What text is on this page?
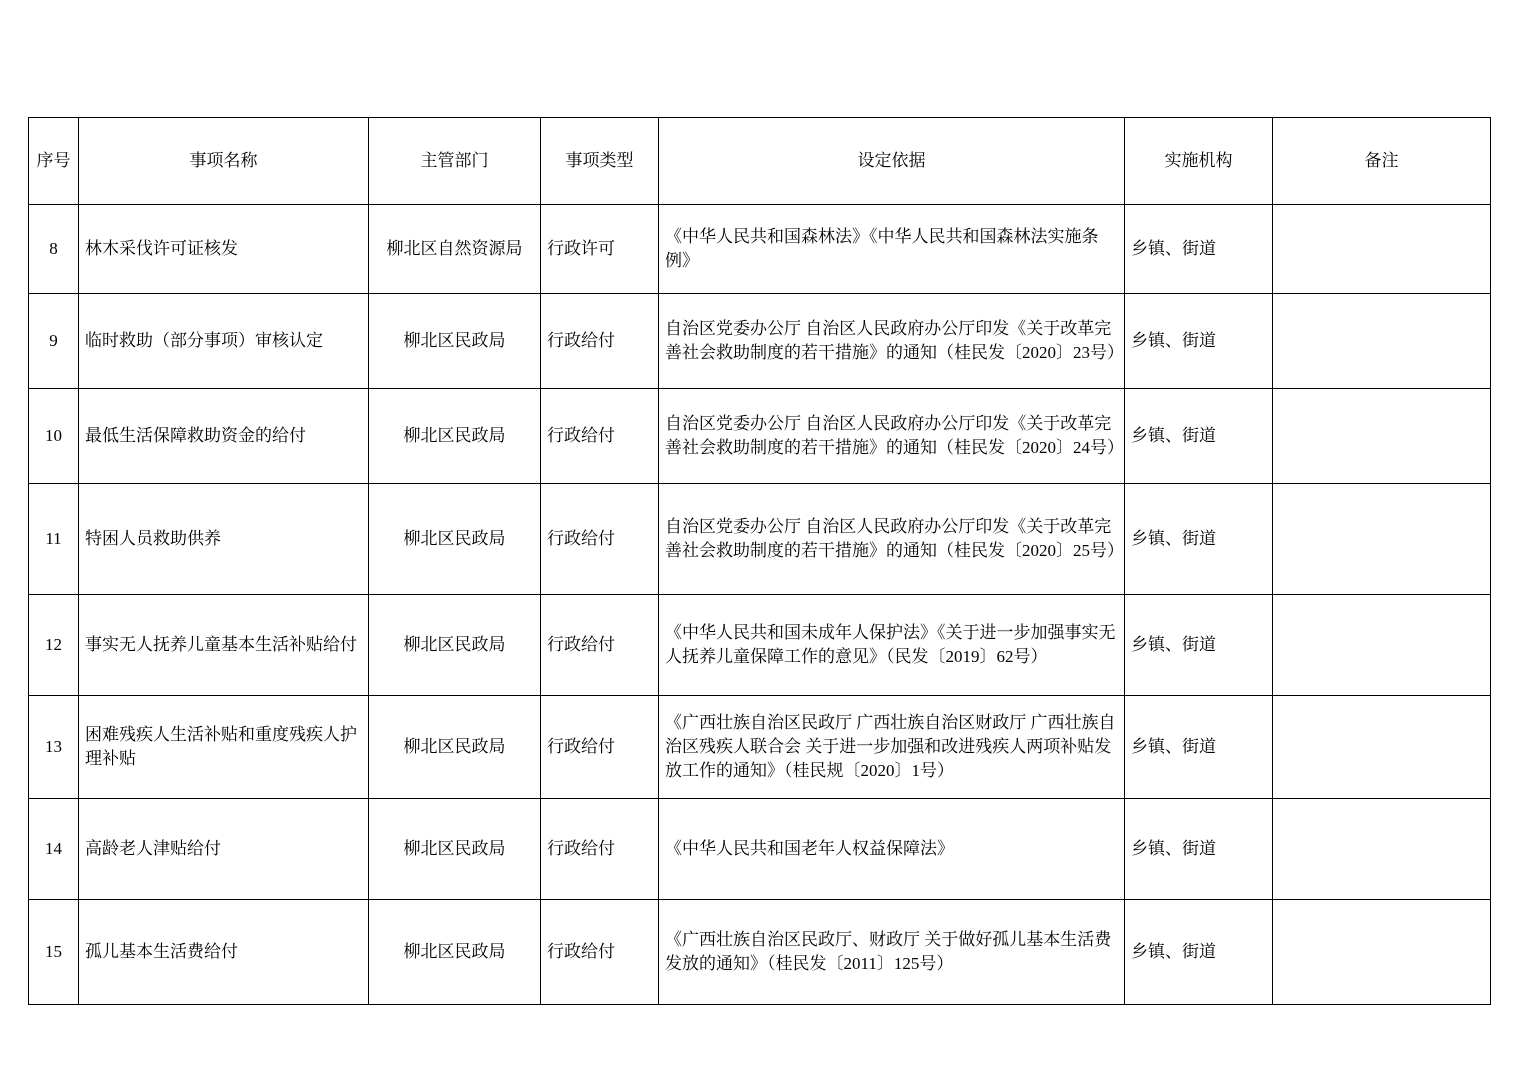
序号	事项名称	主管部门	事项类型	设定依据	实施机构	备注
8	林木采伐许可证核发	柳北区自然资源局	行政许可	《中华人民共和国森林法》《中华人民共和国森林法实施条例》	乡镇、街道	
9	临时救助（部分事项）审核认定	柳北区民政局	行政给付	自治区党委办公厅 自治区人民政府办公厅印发《关于改革完善社会救助制度的若干措施》的通知（桂民发〔2020〕23号）	乡镇、街道	
10	最低生活保障救助资金的给付	柳北区民政局	行政给付	自治区党委办公厅 自治区人民政府办公厅印发《关于改革完善社会救助制度的若干措施》的通知（桂民发〔2020〕24号）	乡镇、街道	
11	特困人员救助供养	柳北区民政局	行政给付	自治区党委办公厅 自治区人民政府办公厅印发《关于改革完善社会救助制度的若干措施》的通知（桂民发〔2020〕25号）	乡镇、街道	
12	事实无人抚养儿童基本生活补贴给付	柳北区民政局	行政给付	《中华人民共和国未成年人保护法》《关于进一步加强事实无人抚养儿童保障工作的意见》（民发〔2019〕62号）	乡镇、街道	
13	困难残疾人生活补贴和重度残疾人护理补贴	柳北区民政局	行政给付	《广西壮族自治区民政厅 广西壮族自治区财政厅 广西壮族自治区残疾人联合会 关于进一步加强和改进残疾人两项补贴发放工作的通知》（桂民规〔2020〕1号）	乡镇、街道	
14	高龄老人津贴给付	柳北区民政局	行政给付	《中华人民共和国老年人权益保障法》	乡镇、街道	
15	孤儿基本生活费给付	柳北区民政局	行政给付	《广西壮族自治区民政厅、财政厅 关于做好孤儿基本生活费发放的通知》（桂民发〔2011〕125号）	乡镇、街道	
